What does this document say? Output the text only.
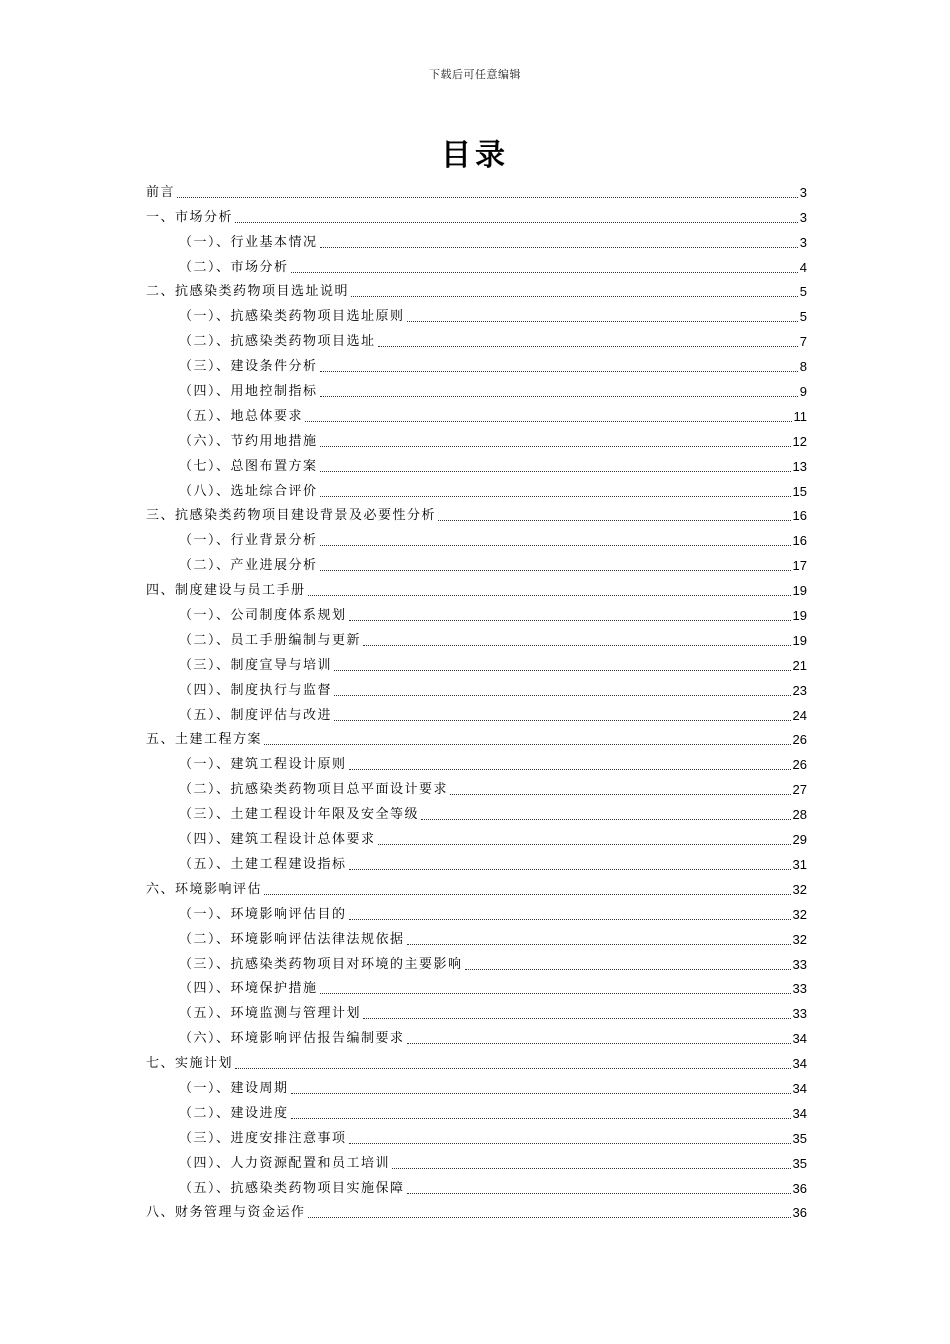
下载后可任意编辑
目录
前言	3
一、市场分析	3
（一）、行业基本情况	3
（二）、市场分析	4
二、抗感染类药物项目选址说明	5
（一）、抗感染类药物项目选址原则	5
（二）、抗感染类药物项目选址	7
（三）、建设条件分析	8
（四）、用地控制指标	9
（五）、地总体要求	11
（六）、节约用地措施	12
（七）、总图布置方案	13
（八）、选址综合评价	15
三、抗感染类药物项目建设背景及必要性分析	16
（一）、行业背景分析	16
（二）、产业进展分析	17
四、制度建设与员工手册	19
（一）、公司制度体系规划	19
（二）、员工手册编制与更新	19
（三）、制度宣导与培训	21
（四）、制度执行与监督	23
（五）、制度评估与改进	24
五、土建工程方案	26
（一）、建筑工程设计原则	26
（二）、抗感染类药物项目总平面设计要求	27
（三）、土建工程设计年限及安全等级	28
（四）、建筑工程设计总体要求	29
（五）、土建工程建设指标	31
六、环境影响评估	32
（一）、环境影响评估目的	32
（二）、环境影响评估法律法规依据	32
（三）、抗感染类药物项目对环境的主要影响	33
（四）、环境保护措施	33
（五）、环境监测与管理计划	33
（六）、环境影响评估报告编制要求	34
七、实施计划	34
（一）、建设周期	34
（二）、建设进度	34
（三）、进度安排注意事项	35
（四）、人力资源配置和员工培训	35
（五）、抗感染类药物项目实施保障	36
八、财务管理与资金运作	36
